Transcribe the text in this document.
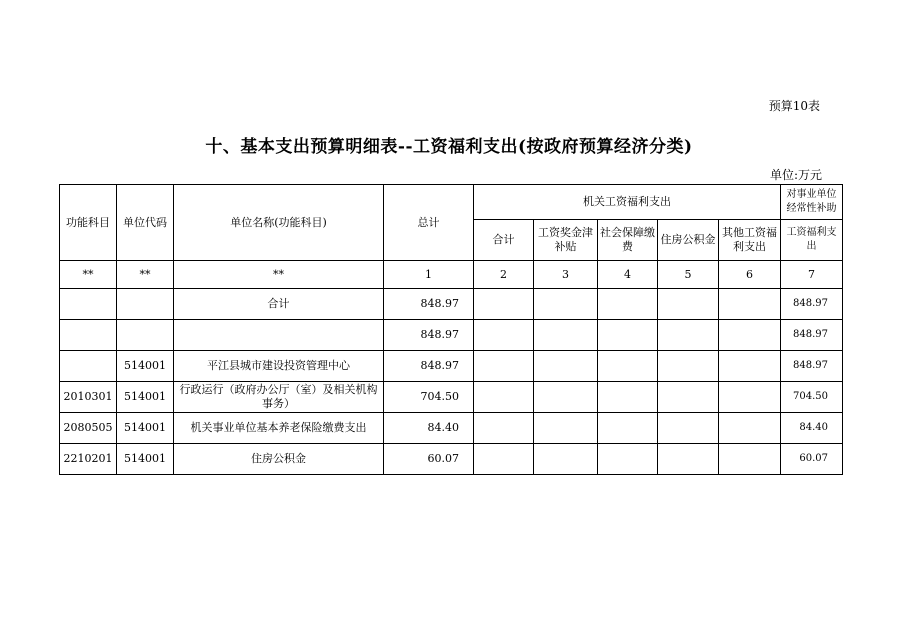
预算10表
十、基本支出预算明细表--工资福利支出(按政府预算经济分类)
单位:万元
功能科目	单位代码	单位名称(功能科目)	总计	机关工资福利支出					对事业单位经常性补助
				合计	工资奖金津补贴	社会保障缴费	住房公积金	其他工资福利支出	工资福利支出
**	**	**	1	2	3	4	5	6	7
		合计	848.97						848.97
			848.97						848.97
	514001	平江县城市建设投资管理中心	848.97						848.97
2010301	514001	行政运行（政府办公厅（室）及相关机构事务）	704.50						704.50
2080505	514001	机关事业单位基本养老保险缴费支出	84.40						84.40
2210201	514001	住房公积金	60.07						60.07
